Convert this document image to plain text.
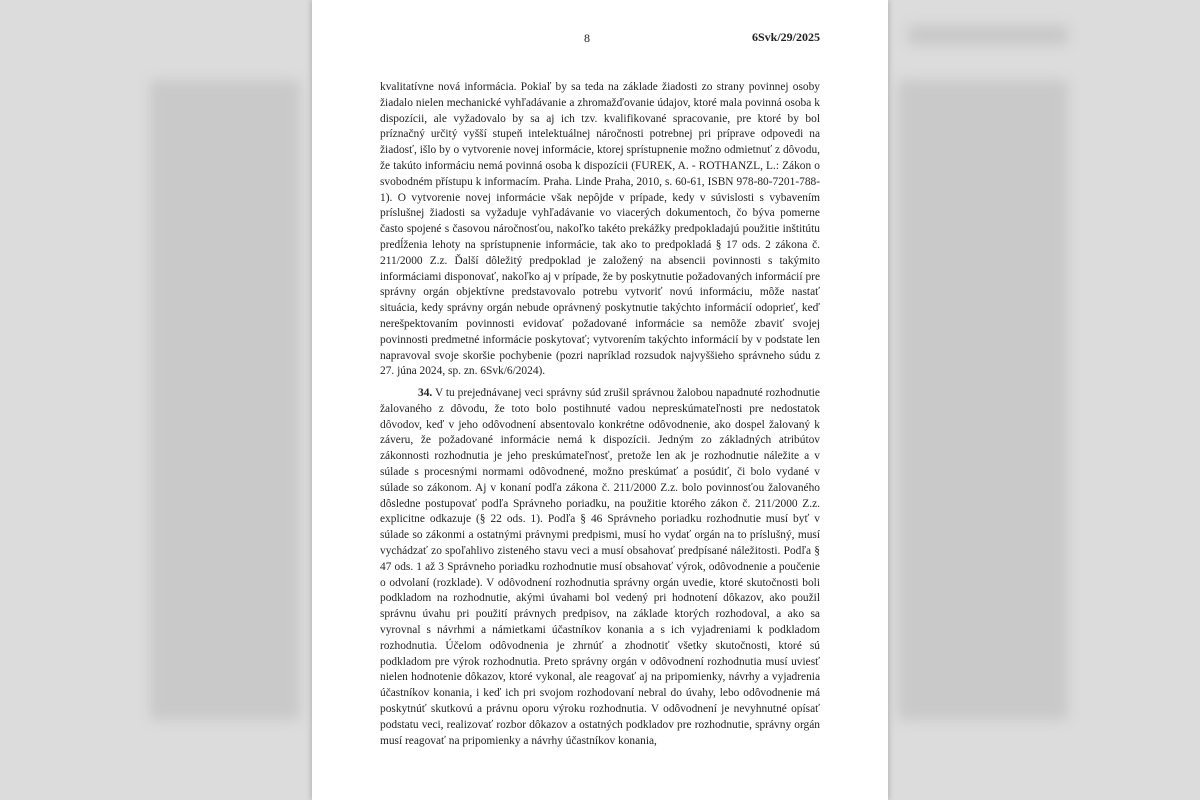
8	6Svk/29/2025
kvalitatívne nová informácia. Pokiaľ by sa teda na základe žiadosti zo strany povinnej osoby žiadalo nielen mechanické vyhľadávanie a zhromažďovanie údajov, ktoré mala povinná osoba k dispozícii, ale vyžadovalo by sa aj ich tzv. kvalifikované spracovanie, pre ktoré by bol príznačný určitý vyšší stupeň intelektuálnej náročnosti potrebnej pri príprave odpovedi na žiadosť, išlo by o vytvorenie novej informácie, ktorej sprístupnenie možno odmietnuť z dôvodu, že takúto informáciu nemá povinná osoba k dispozícii (FUREK, A. - ROTHANZL, L.: Zákon o svobodném přístupu k informacím. Praha. Linde Praha, 2010, s. 60-61, ISBN 978-80-7201-788-1). O vytvorenie novej informácie však nepôjde v prípade, kedy v súvislosti s vybavením príslušnej žiadosti sa vyžaduje vyhľadávanie vo viacerých dokumentoch, čo býva pomerne často spojené s časovou náročnosťou, nakoľko takéto prekážky predpokladajú použitie inštitútu predĺženia lehoty na sprístupnenie informácie, tak ako to predpokladá § 17 ods. 2 zákona č. 211/2000 Z.z. Ďalší dôležitý predpoklad je založený na absencii povinnosti s takýmito informáciami disponovať, nakoľko aj v prípade, že by poskytnutie požadovaných informácií pre správny orgán objektívne predstavovalo potrebu vytvoriť novú informáciu, môže nastať situácia, kedy správny orgán nebude oprávnený poskytnutie takýchto informácií odoprieť, keď nerešpektovaním povinnosti evidovať požadované informácie sa nemôže zbaviť svojej povinnosti predmetné informácie poskytovať; vytvorením takýchto informácií by v podstate len napravoval svoje skoršie pochybenie (pozri napríklad rozsudok najvyššieho správneho súdu z 27. júna 2024, sp. zn. 6Svk/6/2024).
34. V tu prejednávanej veci správny súd zrušil správnou žalobou napadnuté rozhodnutie žalovaného z dôvodu, že toto bolo postihnuté vadou nepreskúmateľnosti pre nedostatok dôvodov, keď v jeho odôvodnení absentovalo konkrétne odôvodnenie, ako dospel žalovaný k záveru, že požadované informácie nemá k dispozícii. Jedným zo základných atribútov zákonnosti rozhodnutia je jeho preskúmateľnosť, pretože len ak je rozhodnutie náležite a v súlade s procesnými normami odôvodnené, možno preskúmať a posúdiť, či bolo vydané v súlade so zákonom. Aj v konaní podľa zákona č. 211/2000 Z.z. bolo povinnosťou žalovaného dôsledne postupovať podľa Správneho poriadku, na použitie ktorého zákon č. 211/2000 Z.z. explicitne odkazuje (§ 22 ods. 1). Podľa § 46 Správneho poriadku rozhodnutie musí byť v súlade so zákonmi a ostatnými právnymi predpismi, musí ho vydať orgán na to príslušný, musí vychádzať zo spoľahlivo zisteného stavu veci a musí obsahovať predpísané náležitosti. Podľa § 47 ods. 1 až 3 Správneho poriadku rozhodnutie musí obsahovať výrok, odôvodnenie a poučenie o odvolaní (rozklade). V odôvodnení rozhodnutia správny orgán uvedie, ktoré skutočnosti boli podkladom na rozhodnutie, akými úvahami bol vedený pri hodnotení dôkazov, ako použil správnu úvahu pri použití právnych predpisov, na základe ktorých rozhodoval, a ako sa vyrovnal s návrhmi a námietkami účastníkov konania a s ich vyjadreniami k podkladom rozhodnutia. Účelom odôvodnenia je zhrnúť a zhodnotiť všetky skutočnosti, ktoré sú podkladom pre výrok rozhodnutia. Preto správny orgán v odôvodnení rozhodnutia musí uviesť nielen hodnotenie dôkazov, ktoré vykonal, ale reagovať aj na pripomienky, návrhy a vyjadrenia účastníkov konania, i keď ich pri svojom rozhodovaní nebral do úvahy, lebo odôvodnenie má poskytnúť skutkovú a právnu oporu výroku rozhodnutia. V odôvodnení je nevyhnutné opísať podstatu veci, realizovať rozbor dôkazov a ostatných podkladov pre rozhodnutie, správny orgán musí reagovať na pripomienky a návrhy účastníkov konania,
